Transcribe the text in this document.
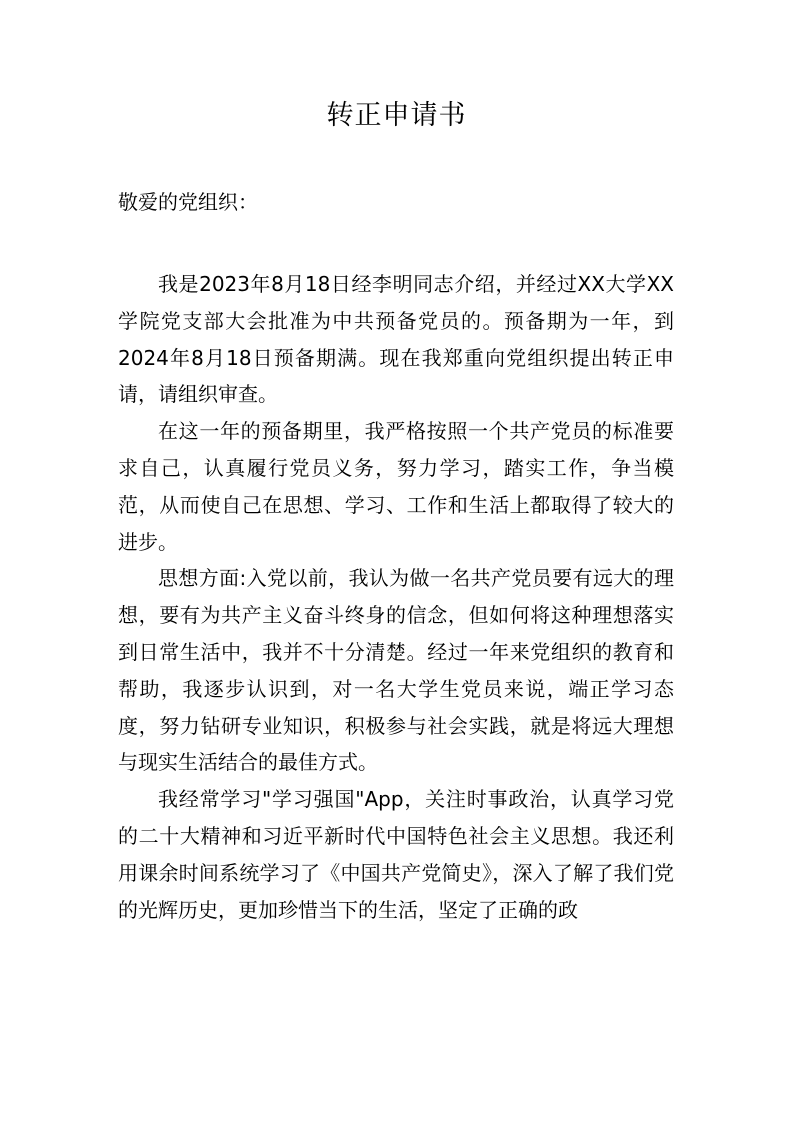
转正申请书
敬爱的党组织：

我是2023年8月18日经李明同志介绍，并经过XX大学XX学院党支部大会批准为中共预备党员的。预备期为一年，到2024年8月18日预备期满。现在我郑重向党组织提出转正申请，请组织审查。

在这一年的预备期里，我严格按照一个共产党员的标准要求自己，认真履行党员义务，努力学习，踏实工作，争当模范，从而使自己在思想、学习、工作和生活上都取得了较大的进步。

思想方面:入党以前，我认为做一名共产党员要有远大的理想，要有为共产主义奋斗终身的信念，但如何将这种理想落实到日常生活中，我并不十分清楚。经过一年来党组织的教育和帮助，我逐步认识到，对一名大学生党员来说，端正学习态度，努力钻研专业知识，积极参与社会实践，就是将远大理想与现实生活结合的最佳方式。

我经常学习"学习强国"App，关注时事政治，认真学习党的二十大精神和习近平新时代中国特色社会主义思想。我还利用课余时间系统学习了《中国共产党简史》，深入了解了我们党的光辉历史，更加珍惜当下的生活，坚定了正确的政
